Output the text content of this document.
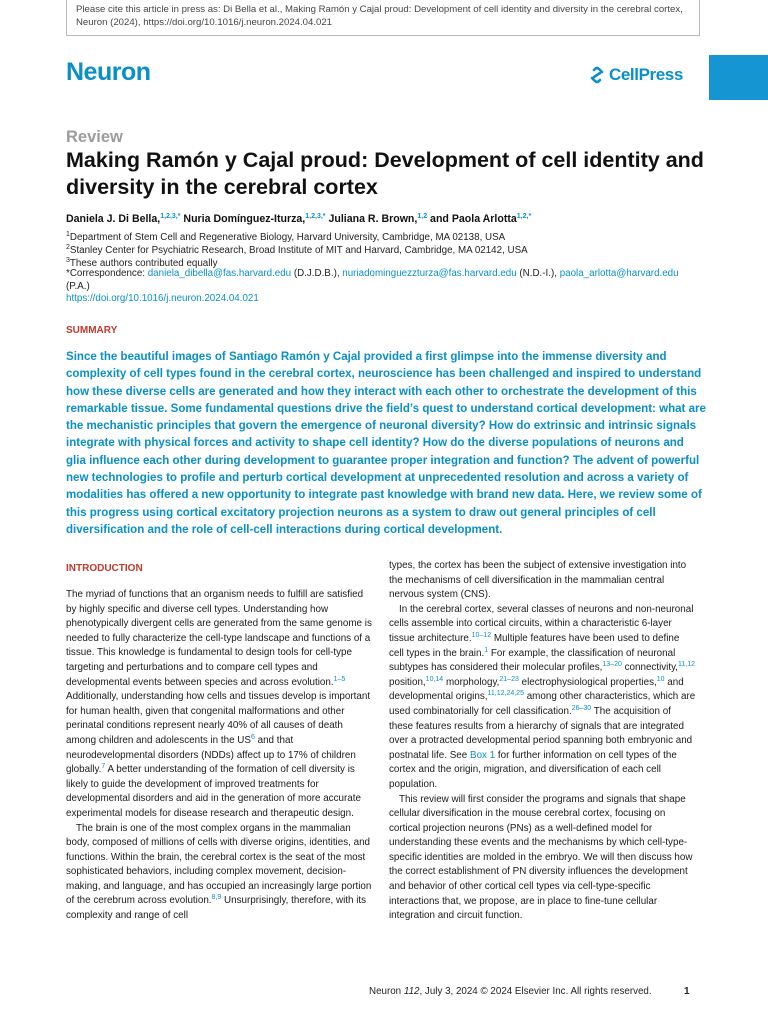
Please cite this article in press as: Di Bella et al., Making Ramón y Cajal proud: Development of cell identity and diversity in the cerebral cortex, Neuron (2024), https://doi.org/10.1016/j.neuron.2024.04.021
Neuron	CellPress
Review
Making Ramón y Cajal proud: Development of cell identity and diversity in the cerebral cortex
Daniela J. Di Bella,$^{1,2,3,*}$ Nuria Domínguez-Iturza,$^{1,2,3,*}$ Juliana R. Brown,$^{1,2}$ and Paola Arlotta$^{1,2,*}$
$^1$Department of Stem Cell and Regenerative Biology, Harvard University, Cambridge, MA 02138, USA
$^2$Stanley Center for Psychiatric Research, Broad Institute of MIT and Harvard, Cambridge, MA 02142, USA
$^3$These authors contributed equally
*Correspondence: daniela_dibella@fas.harvard.edu (D.J.D.B.), nuriadominguezzturza@fas.harvard.edu (N.D.-I.), paola_arlotta@harvard.edu
(P.A.)
https://doi.org/10.1016/j.neuron.2024.04.021
SUMMARY

Since the beautiful images of Santiago Ramón y Cajal provided a first glimpse into the immense diversity and complexity of cell types found in the cerebral cortex, neuroscience has been challenged and inspired to understand how these diverse cells are generated and how they interact with each other to orchestrate the development of this remarkable tissue. Some fundamental questions drive the field’s quest to understand cortical development: what are the mechanistic principles that govern the emergence of neuronal diversity? How do extrinsic and intrinsic signals integrate with physical forces and activity to shape cell identity? How do the diverse populations of neurons and glia influence each other during development to guarantee proper integration and function? The advent of powerful new technologies to profile and perturb cortical development at unprecedented resolution and across a variety of modalities has offered a new opportunity to integrate past knowledge with brand new data. Here, we review some of this progress using cortical excitatory projection neurons as a system to draw out general principles of cell diversification and the role of cell-cell interactions during cortical development.

INTRODUCTION

The myriad of functions that an organism needs to fulfill are satisfied by highly specific and diverse cell types. Understanding how phenotypically divergent cells are generated from the same genome is needed to fully characterize the cell-type landscape and functions of a tissue. This knowledge is fundamental to design tools for cell-type targeting and perturbations and to compare cell types and developmental events between species and across evolution.$^{1-5}$ Additionally, understanding how cells and tissues develop is important for human health, given that congenital malformations and other perinatal conditions represent nearly 40% of all causes of death among children and adolescents in the $US^6$ and that neurodevelopmental disorders (NDDs) affect up to 17% of children globally.$^7$ A better understanding of the formation of cell diversity is likely to guide the development of improved treatments for developmental disorders and aid in the generation of more accurate experimental models for disease research and therapeutic design.

The brain is one of the most complex organs in the mammalian body, composed of millions of cells with diverse origins, identities, and functions. Within the brain, the cerebral cortex is the seat of the most sophisticated behaviors, including complex movement, decision-making, and language, and has occupied an increasingly large portion of the cerebrum across evolution.$^{8,9}$ Unsurprisingly, therefore, with its complexity and range of cell

types, the cortex has been the subject of extensive investigation into the mechanisms of cell diversification in the mammalian central nervous system (CNS).

In the cerebral cortex, several classes of neurons and non-neuronal cells assemble into cortical circuits, within a characteristic 6-layer tissue architecture.$^{10-12}$ Multiple features have been used to define cell types in the brain.$^1$ For example, the classification of neuronal subtypes has considered their molecular profiles,$^{13-20}$ connectivity,$^{11,12}$ position,$^{10,14}$ morphology,$^{21-23}$ electrophysiological properties,$^{10}$ and developmental origins,$^{11,12,24,25}$ among other characteristics, which are used combinatorially for cell classification.$^{26-30}$ The acquisition of these features results from a hierarchy of signals that are integrated over a protracted developmental period spanning both embryonic and postnatal life. See Box 1 for further information on cell types of the cortex and the origin, migration, and diversification of each cell population.

This review will first consider the programs and signals that shape cellular diversification in the mouse cerebral cortex, focusing on cortical projection neurons (PNs) as a well-defined model for understanding these events and the mechanisms by which cell-type-specific identities are molded in the embryo. We will then discuss how the correct establishment of PN diversity influences the development and behavior of other cortical cell types via cell-type-specific interactions that, we propose, are in place to fine-tune cellular integration and circuit function.

Neuron 112, July 3, 2024 © 2024 Elsevier Inc. All rights reserved.	1
